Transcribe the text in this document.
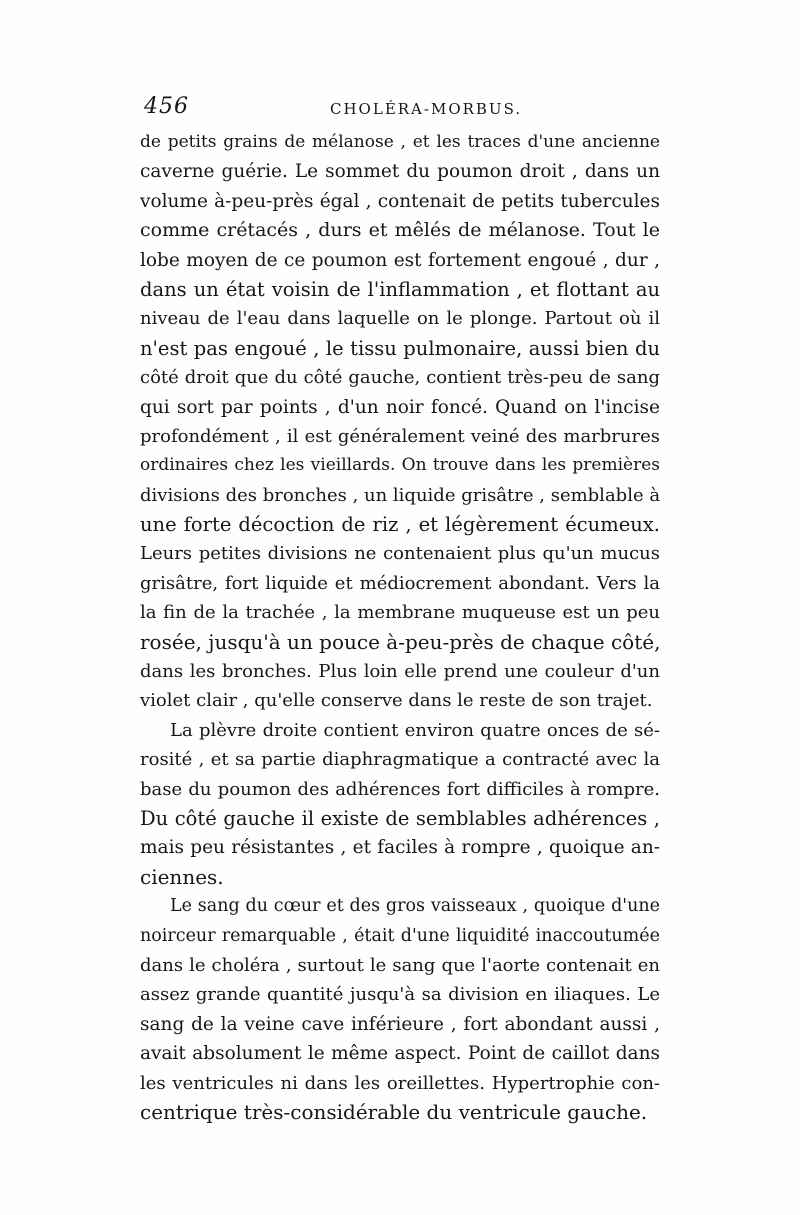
456	CHOLÉRA-MORBUS.
de petits grains de mélanose , et les traces d'une ancienne
caverne guérie. Le sommet du poumon droit , dans un
volume à-peu-près égal , contenait de petits tubercules
comme crétacés , durs et mêlés de mélanose. Tout le
lobe moyen de ce poumon est fortement engoué , dur ,
dans un état voisin de l'inflammation , et flottant au
niveau de l'eau dans laquelle on le plonge. Partout où il
n'est pas engoué , le tissu pulmonaire, aussi bien du
côté droit que du côté gauche, contient très-peu de sang
qui sort par points , d'un noir foncé. Quand on l'incise
profondément , il est généralement veiné des marbrures
ordinaires chez les vieillards. On trouve dans les premières
divisions des bronches , un liquide grisâtre , semblable à
une forte décoction de riz , et légèrement écumeux.
Leurs petites divisions ne contenaient plus qu'un mucus
grisâtre, fort liquide et médiocrement abondant. Vers la
la fin de la trachée , la membrane muqueuse est un peu
rosée, jusqu'à un pouce à-peu-près de chaque côté,
dans les bronches. Plus loin elle prend une couleur d'un
violet clair , qu'elle conserve dans le reste de son trajet.
La plèvre droite contient environ quatre onces de sé-
rosité , et sa partie diaphragmatique a contracté avec la
base du poumon des adhérences fort difficiles à rompre.
Du côté gauche il existe de semblables adhérences ,
mais peu résistantes , et faciles à rompre , quoique an-
ciennes.
Le sang du cœur et des gros vaisseaux , quoique d'une
noirceur remarquable , était d'une liquidité inaccoutumée
dans le choléra , surtout le sang que l'aorte contenait en
assez grande quantité jusqu'à sa division en iliaques. Le
sang de la veine cave inférieure , fort abondant aussi ,
avait absolument le même aspect. Point de caillot dans
les ventricules ni dans les oreillettes. Hypertrophie con-
centrique très-considérable du ventricule gauche.
